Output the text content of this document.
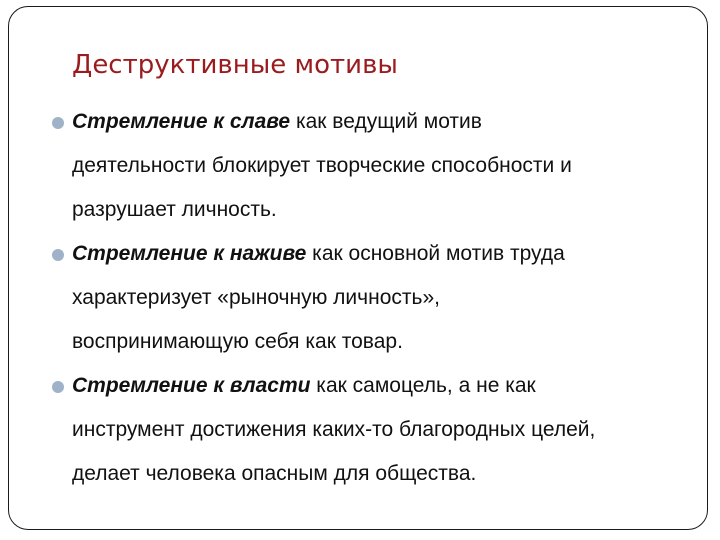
Деструктивные мотивы
Стремление к славе как ведущий мотив
деятельности блокирует творческие способности и
разрушает личность.
Стремление к наживе как основной мотив труда
характеризует «рыночную личность»,
воспринимающую себя как товар.
Стремление к власти как самоцель, а не как
инструмент достижения каких-то благородных целей,
делает человека опасным для общества.
